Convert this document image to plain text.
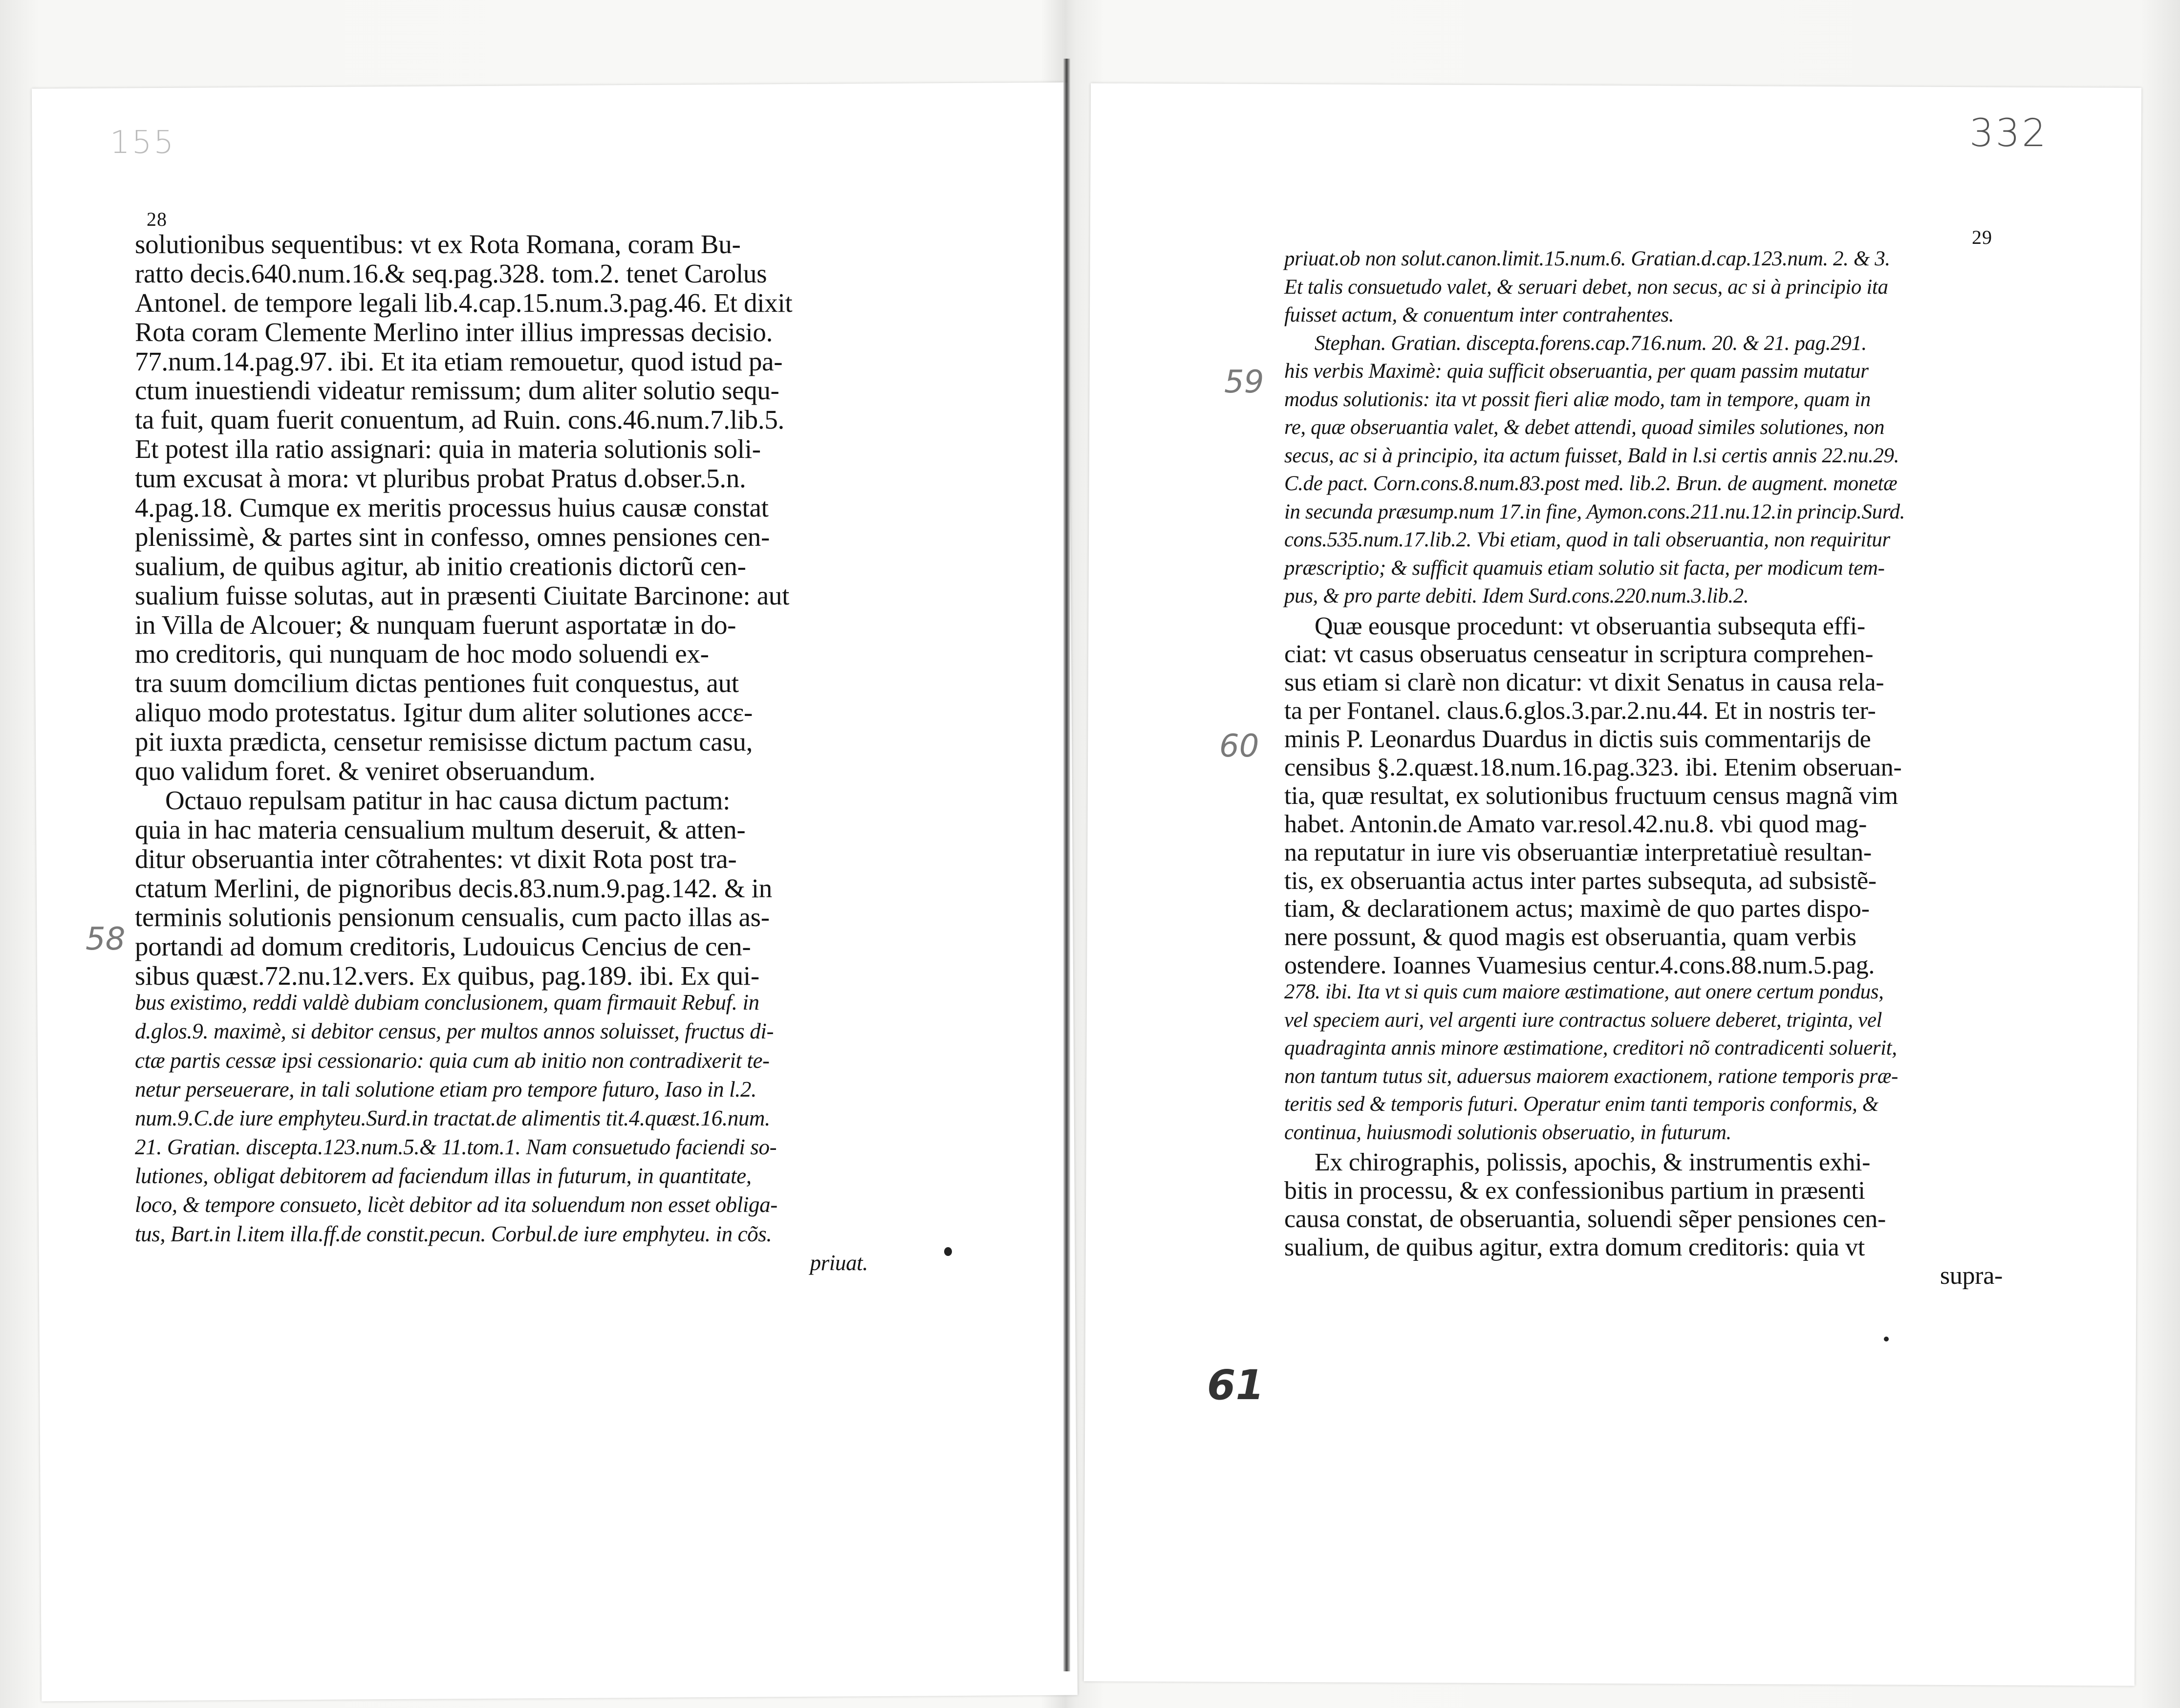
155
28
58
solutionibus sequentibus: vt ex Rota Romana, coram Bu-
ratto decis.640.num.16.& seq.pag.328. tom.2. tenet Carolus
Antonel. de tempore legali lib.4.cap.15.num.3.pag.46. Et dixit
Rota coram Clemente Merlino inter illius impressas decisio.
77.num.14.pag.97. ibi. Et ita etiam remouetur, quod istud pa-
ctum inuestiendi videatur remissum; dum aliter solutio sequ-
ta fuit, quam fuerit conuentum, ad Ruin. cons.46.num.7.lib.5.
Et potest illa ratio assignari: quia in materia solutionis soli-
tum excusat à mora: vt pluribus probat Pratus d.obser.5.n.
4.pag.18. Cumque ex meritis processus huius causæ constat
plenissimè, & partes sint in confesso, omnes pensiones cen-
sualium, de quibus agitur, ab initio creationis dictorũ cen-
sualium fuisse solutas, aut in præsenti Ciuitate Barcinone: aut
in Villa de Alcouer; & nunquam fuerunt asportatæ in do-
mo creditoris, qui nunquam de hoc modo soluendi ex-
tra suum domcilium dictas pentiones fuit conquestus, aut
aliquo modo protestatus. Igitur dum aliter solutiones accε-
pit iuxta prædicta, censetur remisisse dictum pactum casu,
quo validum foret. & veniret obseruandum.
Octauo repulsam patitur in hac causa dictum pactum:
quia in hac materia censualium multum deseruit, & atten-
ditur obseruantia inter cõtrahentes: vt dixit Rota post tra-
ctatum Merlini, de pignoribus decis.83.num.9.pag.142. & in
terminis solutionis pensionum censualis, cum pacto illas as-
portandi ad domum creditoris, Ludouicus Cencius de cen-
sibus quæst.72.nu.12.vers. Ex quibus, pag.189. ibi. Ex qui-
bus existimo, reddi valdè dubiam conclusionem, quam firmauit Rebuf. in
d.glos.9. maximè, si debitor census, per multos annos soluisset, fructus di-
ctæ partis cessæ ipsi cessionario: quia cum ab initio non contradixerit te-
netur perseuerare, in tali solutione etiam pro tempore futuro, Iaso in l.2.
num.9.C.de iure emphyteu.Surd.in tractat.de alimentis tit.4.quæst.16.num.
21. Gratian. discepta.123.num.5.& 11.tom.1. Nam consuetudo faciendi so-
lutiones, obligat debitorem ad faciendum illas in futurum, in quantitate,
loco, & tempore consueto, licèt debitor ad ita soluendum non esset obliga-
tus, Bart.in l.item illa.ff.de constit.pecun. Corbul.de iure emphyteu. in cõs.
priuat.
332
29
59
60
61
priuat.ob non solut.canon.limit.15.num.6. Gratian.d.cap.123.num. 2. & 3.
Et talis consuetudo valet, & seruari debet, non secus, ac si à principio ita
fuisset actum, & conuentum inter contrahentes.
Stephan. Gratian. discepta.forens.cap.716.num. 20. & 21. pag.291.
his verbis Maximè: quia sufficit obseruantia, per quam passim mutatur
modus solutionis: ita vt possit fieri aliæ modo, tam in tempore, quam in
re, quæ obseruantia valet, & debet attendi, quoad similes solutiones, non
secus, ac si à principio, ita actum fuisset, Bald in l.si certis annis 22.nu.29.
C.de pact. Corn.cons.8.num.83.post med. lib.2. Brun. de augment. monetæ
in secunda præsump.num 17.in fine, Aymon.cons.211.nu.12.in princip.Surd.
cons.535.num.17.lib.2. Vbi etiam, quod in tali obseruantia, non requiritur
præscriptio; & sufficit quamuis etiam solutio sit facta, per modicum tem-
pus, & pro parte debiti. Idem Surd.cons.220.num.3.lib.2.
Quæ eousque procedunt: vt obseruantia subsequta effi-
ciat: vt casus obseruatus censeatur in scriptura comprehen-
sus etiam si clarè non dicatur: vt dixit Senatus in causa rela-
ta per Fontanel. claus.6.glos.3.par.2.nu.44. Et in nostris ter-
minis P. Leonardus Duardus in dictis suis commentarijs de
censibus §.2.quæst.18.num.16.pag.323. ibi. Etenim obseruan-
tia, quæ resultat, ex solutionibus fructuum census magnã vim
habet. Antonin.de Amato var.resol.42.nu.8. vbi quod mag-
na reputatur in iure vis obseruantiæ interpretatiuè resultan-
tis, ex obseruantia actus inter partes subsequta, ad subsistẽ-
tiam, & declarationem actus; maximè de quo partes dispo-
nere possunt, & quod magis est obseruantia, quam verbis
ostendere. Ioannes Vuamesius centur.4.cons.88.num.5.pag.
278. ibi. Ita vt si quis cum maiore æstimatione, aut onere certum pondus,
vel speciem auri, vel argenti iure contractus soluere deberet, triginta, vel
quadraginta annis minore æstimatione, creditori nõ contradicenti soluerit,
non tantum tutus sit, aduersus maiorem exactionem, ratione temporis præ-
teritis sed & temporis futuri. Operatur enim tanti temporis conformis, &
continua, huiusmodi solutionis obseruatio, in futurum.
Ex chirographis, polissis, apochis, & instrumentis exhi-
bitis in processu, & ex confessionibus partium in præsenti
causa constat, de obseruantia, soluendi sẽper pensiones cen-
sualium, de quibus agitur, extra domum creditoris: quia vt
supra-
